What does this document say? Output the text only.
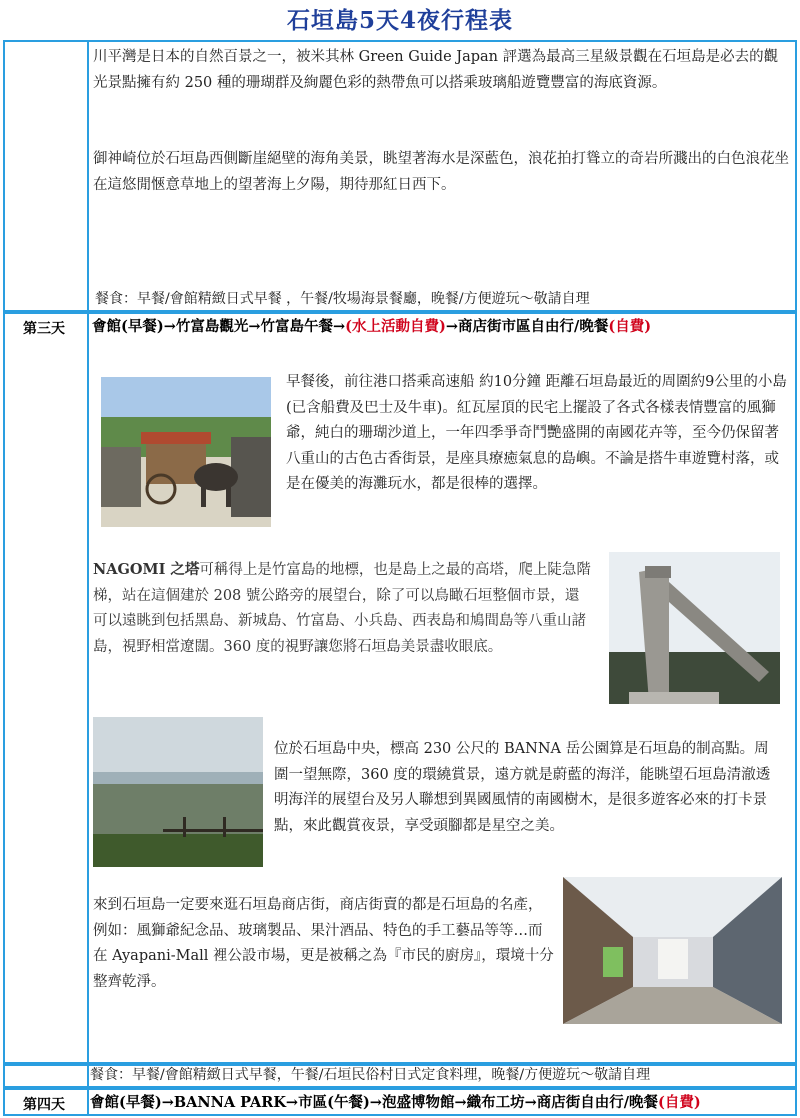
石垣島5天4夜行程表
川平灣是日本的自然百景之一，被米其林 Green Guide Japan 評選為最高三星級景觀在石垣島是必去的觀光景點擁有約 250 種的珊瑚群及絢麗色彩的熱帶魚可以搭乘玻璃船遊覽豐富的海底資源。
御神崎位於石垣島西側斷崖絕壁的海角美景，眺望著海水是深藍色，浪花拍打聳立的奇岩所濺出的白色浪花坐在這悠閒愜意草地上的望著海上夕陽，期待那紅日西下。
餐食：早餐/會館精緻日式早餐 ，午餐/牧場海景餐廳，晚餐/方便遊玩～敬請自理
第三天	會館(早餐)→竹富島觀光→竹富島午餐→(水上活動自費)→商店街市區自由行/晚餐(自費)
早餐後，前往港口搭乘高速船 約10分鐘 距離石垣島最近的周圍約9公里的小島(已含船費及巴士及牛車)。紅瓦屋頂的民宅上擺設了各式各樣表情豐富的風獅爺，純白的珊瑚沙道上，一年四季爭奇鬥艷盛開的南國花卉等，至今仍保留著八重山的古色古香街景，是座具療癒氣息的島嶼。不論是搭牛車遊覽村落，或是在優美的海灘玩水，都是很棒的選擇。
NAGOMI 之塔可稱得上是竹富島的地標，也是島上之最的高塔，爬上陡急階梯，站在這個建於 208 號公路旁的展望台，除了可以鳥瞰石垣整個市景，還可以遠眺到包括黑島、新城島、竹富島、小兵島、西表島和鳩間島等八重山諸島，視野相當遼闊。360 度的視野讓您將石垣島美景盡收眼底。
位於石垣島中央，標高 230 公尺的 BANNA 岳公園算是石垣島的制高點。周圍一望無際，360 度的環繞賞景，遠方就是蔚藍的海洋，能眺望石垣島清澈透明海洋的展望台及另人聯想到異國風情的南國樹木，是很多遊客必來的打卡景點，來此觀賞夜景，享受頭腳都是星空之美。
來到石垣島一定要來逛石垣島商店街，商店街賣的都是石垣島的名產，例如：風獅爺紀念品、玻璃製品、果汁酒品、特色的手工藝品等等…而在 Ayapani-Mall 裡公設市場，更是被稱之為『市民的廚房』，環境十分整齊乾淨。
餐食：早餐/會館精緻日式早餐，午餐/石垣民俗村日式定食料理，晚餐/方便遊玩～敬請自理
第四天	會館(早餐)→BANNA PARK→市區(午餐)→泡盛博物館→織布工坊→商店街自由行/晚餐(自費)
